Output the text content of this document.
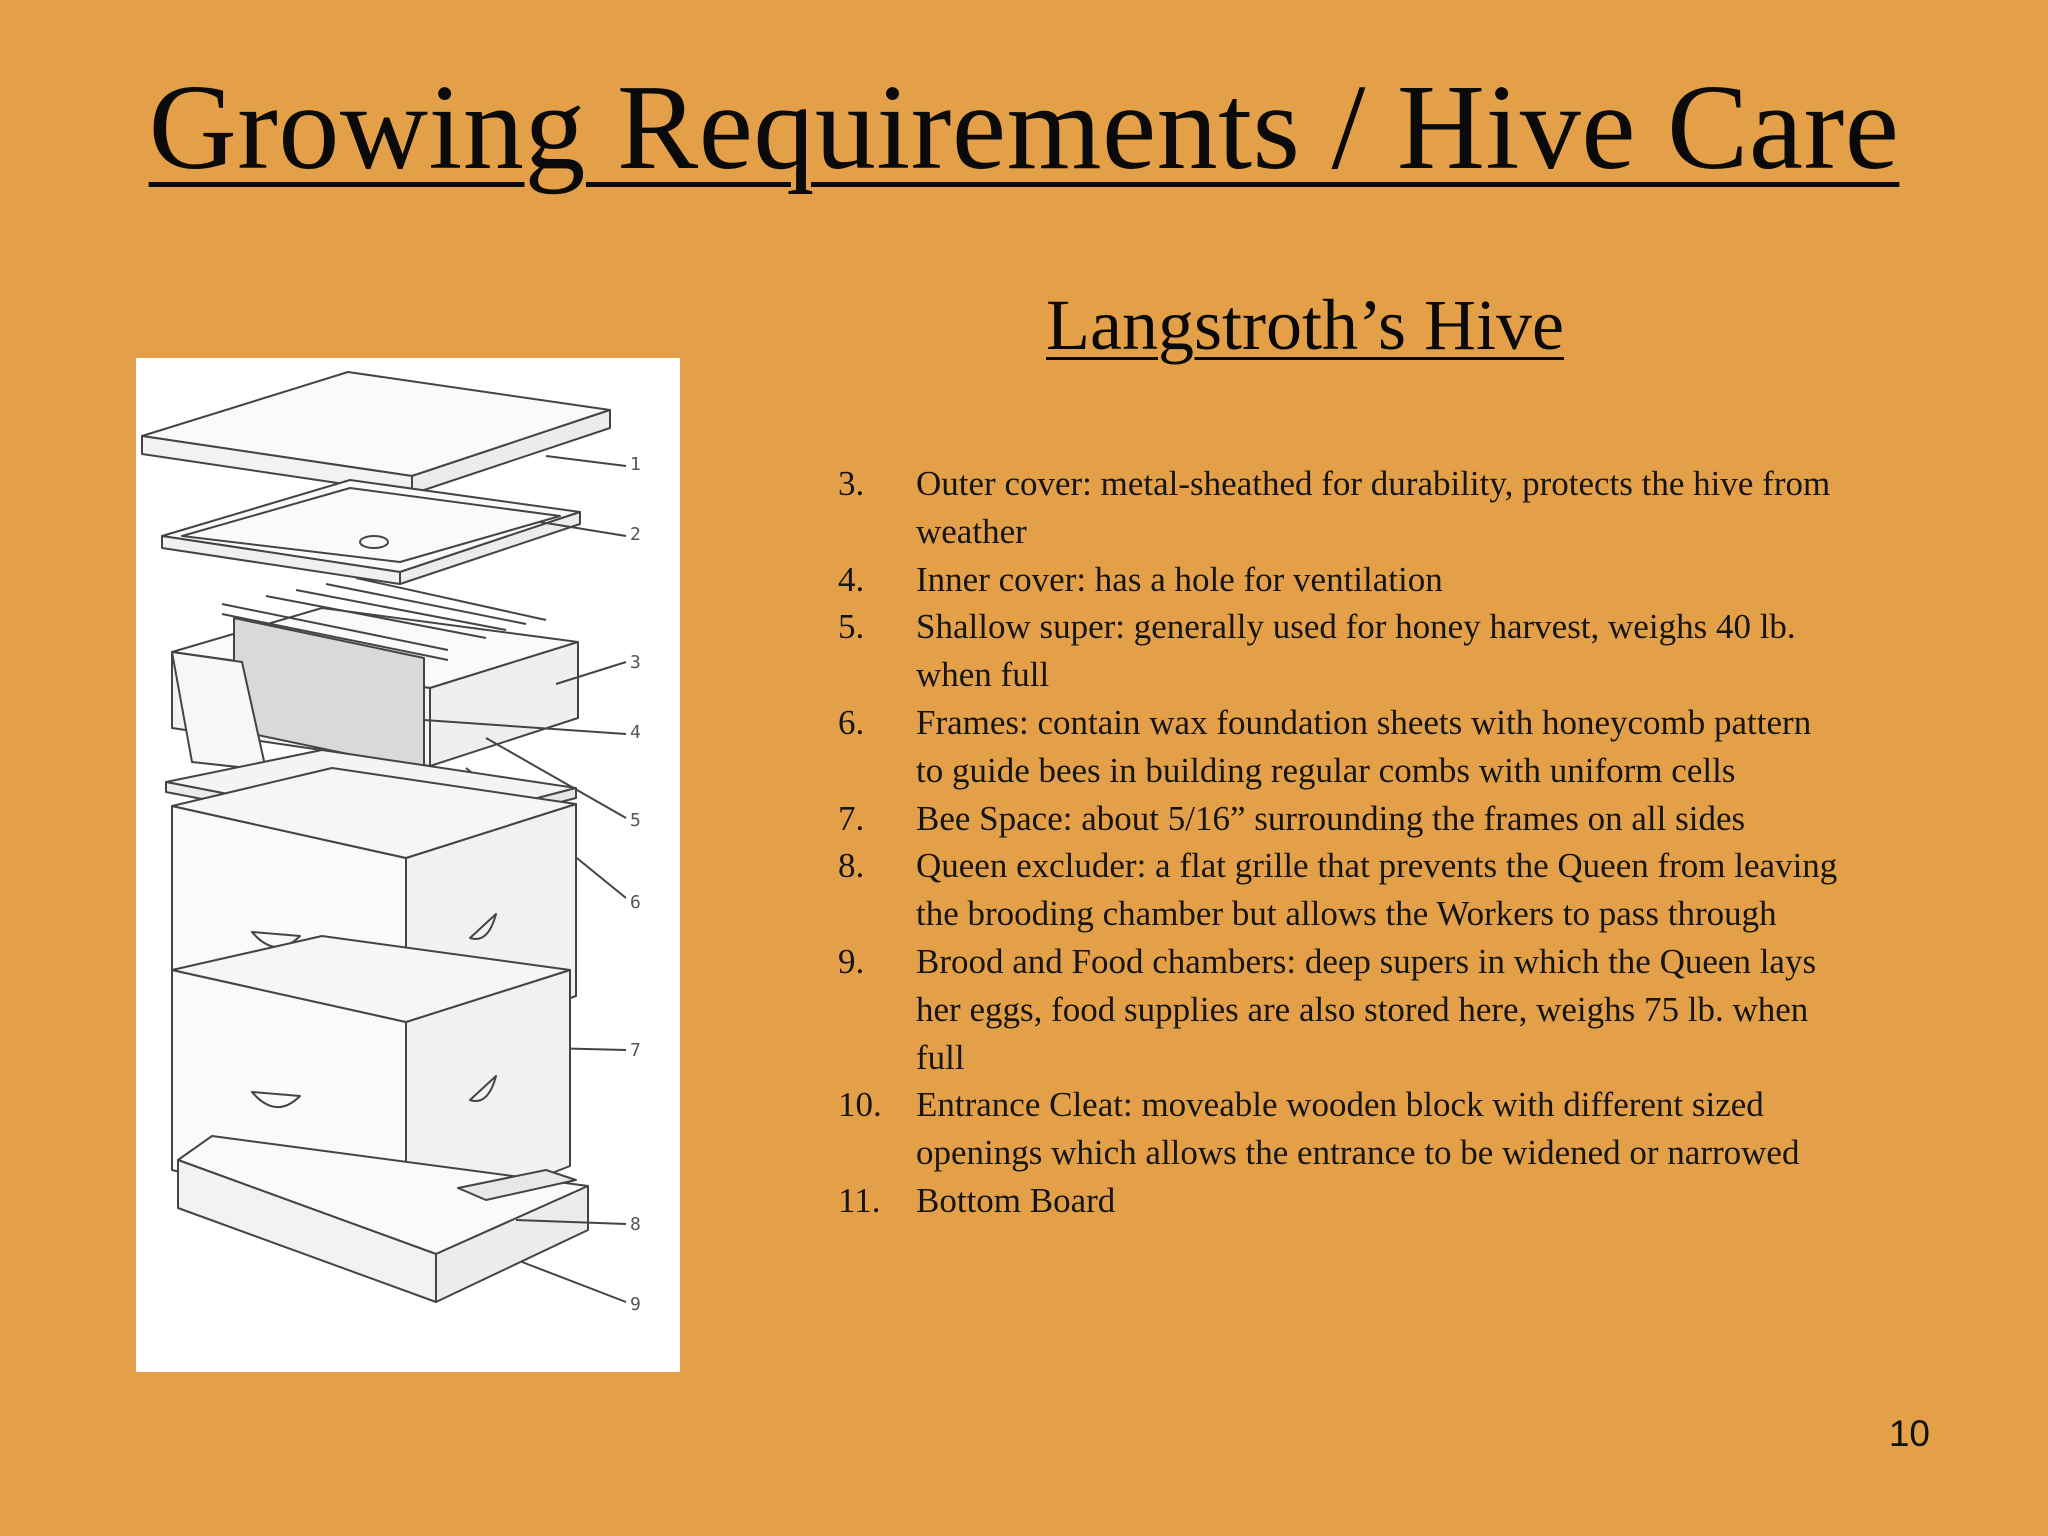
Growing Requirements / Hive Care
Langstroth’s Hive
1
2
3
4
5
6
7
8
9
3. Outer cover: metal-sheathed for durability, protects the hive from weather
4. Inner cover: has a hole for ventilation
5. Shallow super: generally used for honey harvest, weighs 40 lb. when full
6. Frames: contain wax foundation sheets with honeycomb pattern to guide bees in building regular combs with uniform cells
7. Bee Space: about 5/16” surrounding the frames on all sides
8. Queen excluder: a flat grille that prevents the Queen from leaving the brooding chamber but allows the Workers to pass through
9. Brood and Food chambers: deep supers in which the Queen lays her eggs, food supplies are also stored here, weighs 75 lb. when full
10. Entrance Cleat: moveable wooden block with different sized openings which allows the entrance to be widened or narrowed
11. Bottom Board
10
